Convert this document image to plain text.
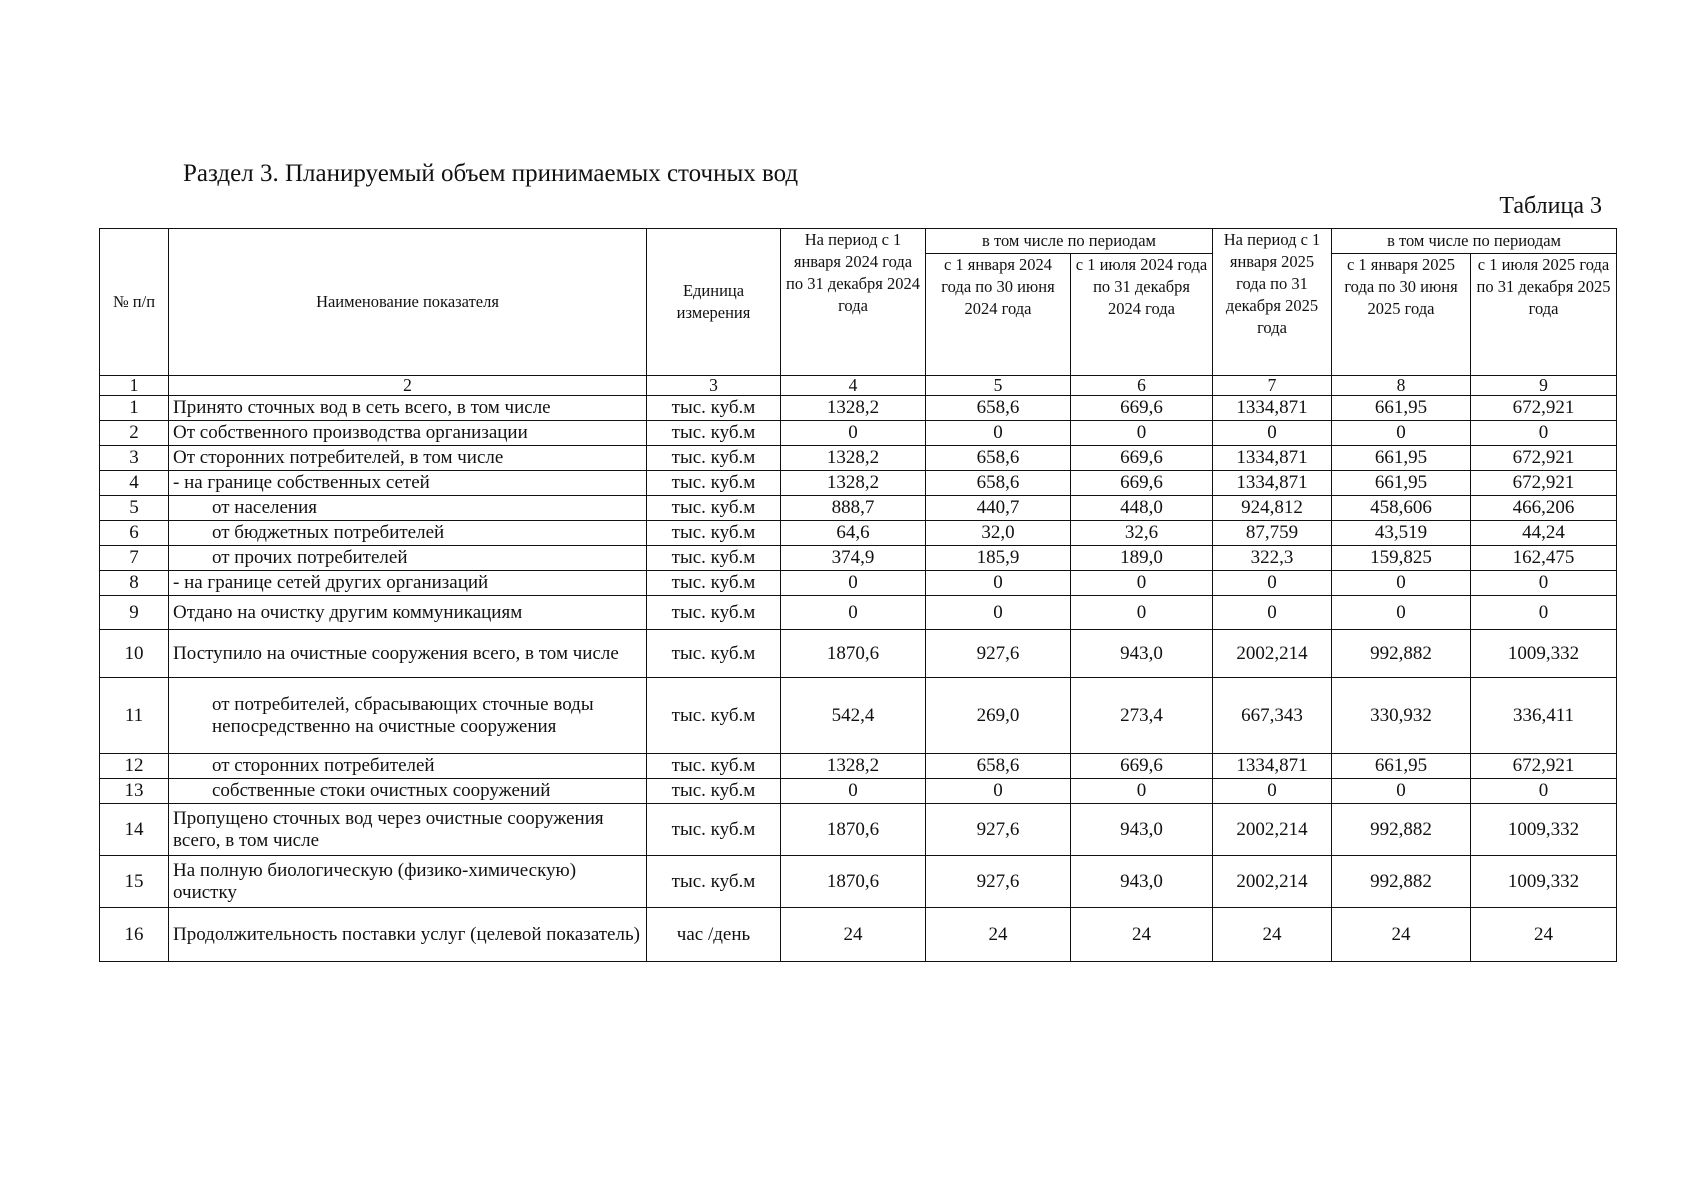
Раздел 3. Планируемый объем принимаемых сточных вод
Таблица 3
№ п/п	Наименование показателя	Единица измерения	На период с 1 января 2024 года по 31 декабря 2024 года	в том числе по периодам		На период с 1 января 2025 года по 31 декабря 2025 года	в том числе по периодам	
				с 1 января 2024 года по 30 июня 2024 года	с 1 июля 2024 года по 31 декабря 2024 года		с 1 января 2025 года по 30 июня 2025 года	с 1 июля 2025 года по 31 декабря 2025 года
1	2	3	4	5	6	7	8	9
1	Принято сточных вод в сеть всего, в том числе	тыс. куб.м	1328,2	658,6	669,6	1334,871	661,95	672,921
2	От собственного производства организации	тыс. куб.м	0	0	0	0	0	0
3	От сторонних потребителей, в том числе	тыс. куб.м	1328,2	658,6	669,6	1334,871	661,95	672,921
4	- на границе собственных сетей	тыс. куб.м	1328,2	658,6	669,6	1334,871	661,95	672,921
5	от населения	тыс. куб.м	888,7	440,7	448,0	924,812	458,606	466,206
6	от бюджетных потребителей	тыс. куб.м	64,6	32,0	32,6	87,759	43,519	44,24
7	от прочих потребителей	тыс. куб.м	374,9	185,9	189,0	322,3	159,825	162,475
8	- на границе сетей других организаций	тыс. куб.м	0	0	0	0	0	0
9	Отдано на очистку другим коммуникациям	тыс. куб.м	0	0	0	0	0	0
10	Поступило на очистные сооружения всего, в том числе	тыс. куб.м	1870,6	927,6	943,0	2002,214	992,882	1009,332
11	от потребителей, сбрасывающих сточные воды непосредственно на очистные сооружения	тыс. куб.м	542,4	269,0	273,4	667,343	330,932	336,411
12	от сторонних потребителей	тыс. куб.м	1328,2	658,6	669,6	1334,871	661,95	672,921
13	собственные стоки очистных сооружений	тыс. куб.м	0	0	0	0	0	0
14	Пропущено сточных вод через очистные сооружения всего, в том числе	тыс. куб.м	1870,6	927,6	943,0	2002,214	992,882	1009,332
15	На полную биологическую (физико-химическую) очистку	тыс. куб.м	1870,6	927,6	943,0	2002,214	992,882	1009,332
16	Продолжительность поставки услуг (целевой показатель)	час /день	24	24	24	24	24	24
